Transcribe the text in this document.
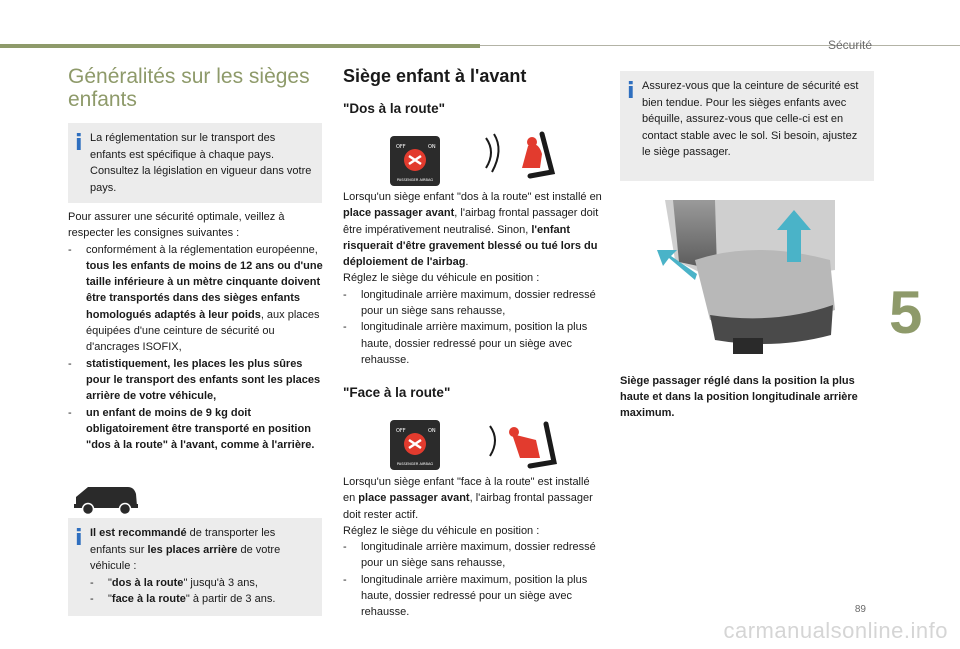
Sécurité
5
89
carmanualsonline.info
Généralités sur les sièges enfants
i La réglementation sur le transport des enfants est spécifique à chaque pays. Consultez la législation en vigueur dans votre pays.

Pour assurer une sécurité optimale, veillez à respecter les consignes suivantes :

- conformément à la réglementation européenne, tous les enfants de moins de 12 ans ou d'une taille inférieure à un mètre cinquante doivent être transportés dans des sièges enfants homologués adaptés à leur poids, aux places équipées d'une ceinture de sécurité ou d'ancrages ISOFIX,

- statistiquement, les places les plus sûres pour le transport des enfants sont les places arrière de votre véhicule,

- un enfant de moins de 9 kg doit obligatoirement être transporté en position "dos à la route" à l'avant, comme à l'arrière.

i Il est recommandé de transporter les enfants sur les places arrière de votre véhicule :

- "dos à la route" jusqu'à 3 ans,

- "face à la route" à partir de 3 ans.

Siège enfant à l'avant
"Dos à la route"
OFF	ON
PASSENGER AIRBAG

Lorsqu'un siège enfant "dos à la route" est installé en place passager avant, l'airbag frontal passager doit être impérativement neutralisé. Sinon, l'enfant risquerait d'être gravement blessé ou tué lors du déploiement de l'airbag.

Réglez le siège du véhicule en position :

- longitudinale arrière maximum, dossier redressé pour un siège sans rehausse,

- longitudinale arrière maximum, position la plus haute, dossier redressé pour un siège avec rehausse.

"Face à la route"
OFF	ON
PASSENGER AIRBAG

Lorsqu'un siège enfant "face à la route" est installé en place passager avant, l'airbag frontal passager doit rester actif.

Réglez le siège du véhicule en position :

- longitudinale arrière maximum, dossier redressé pour un siège sans rehausse,

- longitudinale arrière maximum, position la plus haute, dossier redressé pour un siège avec rehausse.

i Assurez-vous que la ceinture de sécurité est bien tendue. Pour les sièges enfants avec béquille, assurez-vous que celle-ci est en contact stable avec le sol. Si besoin, ajustez le siège passager.
Siège passager réglé dans la position la plus haute et dans la position longitudinale arrière maximum.
